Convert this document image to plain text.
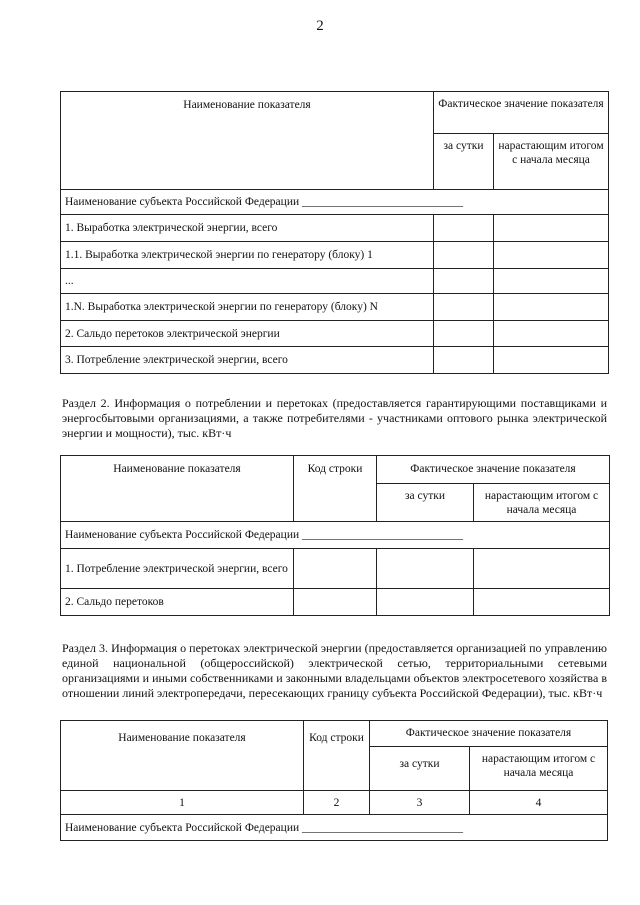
2
Наименование показателя	Фактическое значение показателя	
	за сутки	нарастающим итогом с начала месяца
Наименование субъекта Российской Федерации ____________________________		
1. Выработка электрической энергии, всего		
1.1. Выработка электрической энергии по генератору (блоку) 1		
...		
1.N. Выработка электрической энергии по генератору (блоку) N		
2. Сальдо перетоков электрической энергии		
3. Потребление электрической энергии, всего		
Раздел 2. Информация о потреблении и перетоках (предоставляется гарантирующими поставщиками и энергосбытовыми организациями, а также потребителями - участниками оптового рынка электрической энергии и мощности), тыс. кВт·ч
Наименование показателя	Код строки	Фактическое значение показателя	
		за сутки	нарастающим итогом с начала месяца
Наименование субъекта Российской Федерации ____________________________			
1. Потребление электрической энергии, всего			
2. Сальдо перетоков			
Раздел 3. Информация о перетоках электрической энергии (предоставляется организацией по управлению единой национальной (общероссийской) электрической сетью, территориальными сетевыми организациями и иными собственниками и законными владельцами объектов электросетевого хозяйства в отношении линий электропередачи, пересекающих границу субъекта Российской Федерации), тыс. кВт·ч
Наименование показателя	Код строки	Фактическое значение показателя	
		за сутки	нарастающим итогом с начала месяца
1	2	3	4
Наименование субъекта Российской Федерации ____________________________			
